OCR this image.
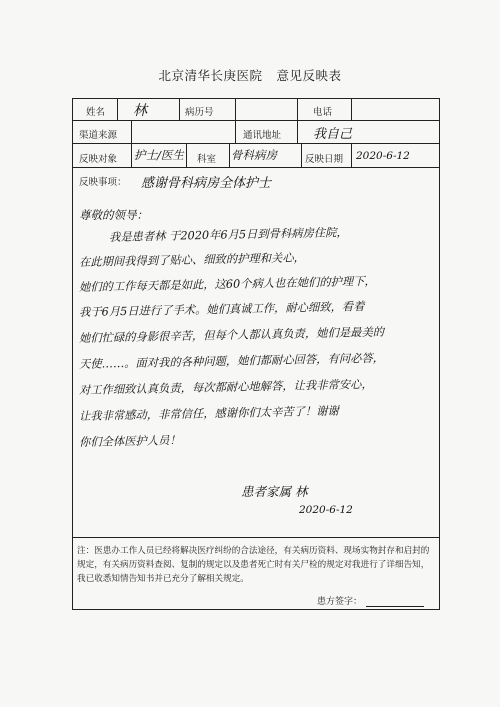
北京清华长庚医院 意见反映表
姓名 林	病历号	电话
渠道来源	通讯地址 我自己
反映对象 护士/医生 科室 骨科病房	反映日期 2020-6-12
反映事项： 感谢骨科病房全体护士
尊敬的领导：
我是患者林 于2020年6月5日到骨科病房住院，
在此期间我得到了贴心、细致的护理和关心，
她们的工作每天都是如此，这60个病人也在她们的护理下，
我于6月5日进行了手术。她们真诚工作，耐心细致，看着
她们忙碌的身影很辛苦，但每个人都认真负责，她们是最美的
天使……。面对我的各种问题，她们都耐心回答，有问必答，
对工作细致认真负责，每次都耐心地解答，让我非常安心，
让我非常感动，非常信任，感谢你们太辛苦了！谢谢
你们全体医护人员！
患者家属 林
2020-6-12
注：医患办工作人员已经将解决医疗纠纷的合法途径，有关病历资料、现场实物封存和启封的规定，有关病历资料查阅、复制的规定以及患者死亡时有关尸检的规定对我进行了详细告知，我已收悉知情告知书并已充分了解相关规定。
患方签字：
